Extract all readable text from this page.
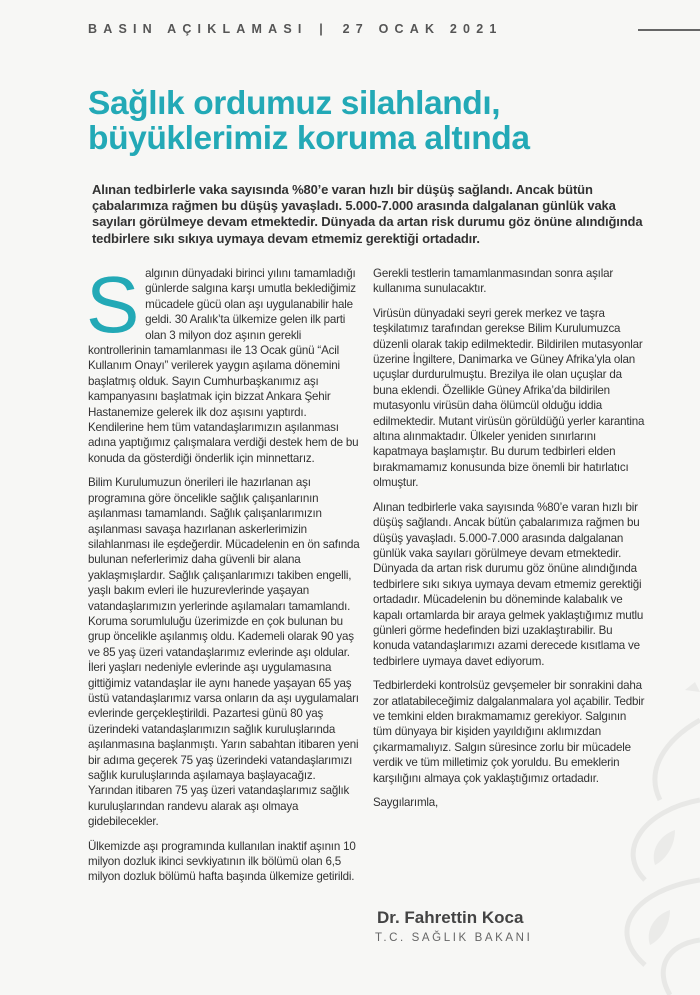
BASIN AÇIKLAMASI | 27 OCAK 2021
Sağlık ordumuz silahlandı,
büyüklerimiz koruma altında
Alınan tedbirlerle vaka sayısında %80’e varan hızlı bir düşüş sağlandı. Ancak bütün çabalarımıza rağmen bu düşüş yavaşladı. 5.000-7.000 arasında dalgalanan günlük vaka sayıları görülmeye devam etmektedir. Dünyada da artan risk durumu göz önüne alındığında tedbirlere sıkı sıkıya uymaya devam etmemiz gerektiği ortadadır.

S algının dünyadaki birinci yılını tamamladığı günlerde salgına karşı umutla beklediğimiz mücadele gücü olan aşı uygulanabilir hale geldi. 30 Aralık’ta ülkemize gelen ilk parti olan 3 milyon doz aşının gerekli kontrollerinin tamamlanması ile 13 Ocak günü “Acil Kullanım Onayı” verilerek yaygın aşılama dönemini başlatmış olduk. Sayın Cumhurbaşkanımız aşı kampanyasını başlatmak için bizzat Ankara Şehir Hastanemize gelerek ilk doz aşısını yaptırdı. Kendilerine hem tüm vatandaşlarımızın aşılanması adına yaptığımız çalışmalara verdiği destek hem de bu konuda da gösterdiği önderlik için minnettarız.

Bilim Kurulumuzun önerileri ile hazırlanan aşı programına göre öncelikle sağlık çalışanlarının aşılanması tamamlandı. Sağlık çalışanlarımızın aşılanması savaşa hazırlanan askerlerimizin silahlanması ile eşdeğerdir. Mücadelenin en ön safında bulunan neferlerimiz daha güvenli bir alana yaklaşmışlardır. Sağlık çalışanlarımızı takiben engelli, yaşlı bakım evleri ile huzurevlerinde yaşayan vatandaşlarımızın yerlerinde aşılamaları tamamlandı. Koruma sorumluluğu üzerimizde en çok bulunan bu grup öncelikle aşılanmış oldu. Kademeli olarak 90 yaş ve 85 yaş üzeri vatandaşlarımız evlerinde aşı oldular. İleri yaşları nedeniyle evlerinde aşı uygulamasına gittiğimiz vatandaşlar ile aynı hanede yaşayan 65 yaş üstü vatandaşlarımız varsa onların da aşı uygulamaları evlerinde gerçekleştirildi. Pazartesi günü 80 yaş üzerindeki vatandaşlarımızın sağlık kuruluşlarında aşılanmasına başlanmıştı. Yarın sabahtan itibaren yeni bir adıma geçerek 75 yaş üzerindeki vatandaşlarımızı sağlık kuruluşlarında aşılamaya başlayacağız. Yarından itibaren 75 yaş üzeri vatandaşlarımız sağlık kuruluşlarından randevu alarak aşı olmaya gidebilecekler.

Ülkemizde aşı programında kullanılan inaktif aşının 10 milyon dozluk ikinci sevkiyatının ilk bölümü olan 6,5 milyon dozluk bölümü hafta başında ülkemize getirildi.

Gerekli testlerin tamamlanmasından sonra aşılar kullanıma sunulacaktır.

Virüsün dünyadaki seyri gerek merkez ve taşra teşkilatımız tarafından gerekse Bilim Kurulumuzca düzenli olarak takip edilmektedir. Bildirilen mutasyonlar üzerine İngiltere, Danimarka ve Güney Afrika’yla olan uçuşlar durdurulmuştu. Brezilya ile olan uçuşlar da buna eklendi. Özellikle Güney Afrika’da bildirilen mutasyonlu virüsün daha ölümcül olduğu iddia edilmektedir. Mutant virüsün görüldüğü yerler karantina altına alınmaktadır. Ülkeler yeniden sınırlarını kapatmaya başlamıştır. Bu durum tedbirleri elden bırakmamamız konusunda bize önemli bir hatırlatıcı olmuştur.

Alınan tedbirlerle vaka sayısında %80’e varan hızlı bir düşüş sağlandı. Ancak bütün çabalarımıza rağmen bu düşüş yavaşladı. 5.000-7.000 arasında dalgalanan günlük vaka sayıları görülmeye devam etmektedir. Dünyada da artan risk durumu göz önüne alındığında tedbirlere sıkı sıkıya uymaya devam etmemiz gerektiği ortadadır. Mücadelenin bu döneminde kalabalık ve kapalı ortamlarda bir araya gelmek yaklaştığımız mutlu günleri görme hedefinden bizi uzaklaştırabilir. Bu konuda vatandaşlarımızı azami derecede kısıtlama ve tedbirlere uymaya davet ediyorum.

Tedbirlerdeki kontrolsüz gevşemeler bir sonrakini daha zor atlatabileceğimiz dalgalanmalara yol açabilir. Tedbir ve temkini elden bırakmamamız gerekiyor. Salgının tüm dünyaya bir kişiden yayıldığını aklımızdan çıkarmamalıyız. Salgın süresince zorlu bir mücadele verdik ve tüm milletimiz çok yoruldu. Bu emeklerin karşılığını almaya çok yaklaştığımız ortadadır.

Saygılarımla,

Dr. Fahrettin Koca
T.C. SAĞLIK BAKANI
